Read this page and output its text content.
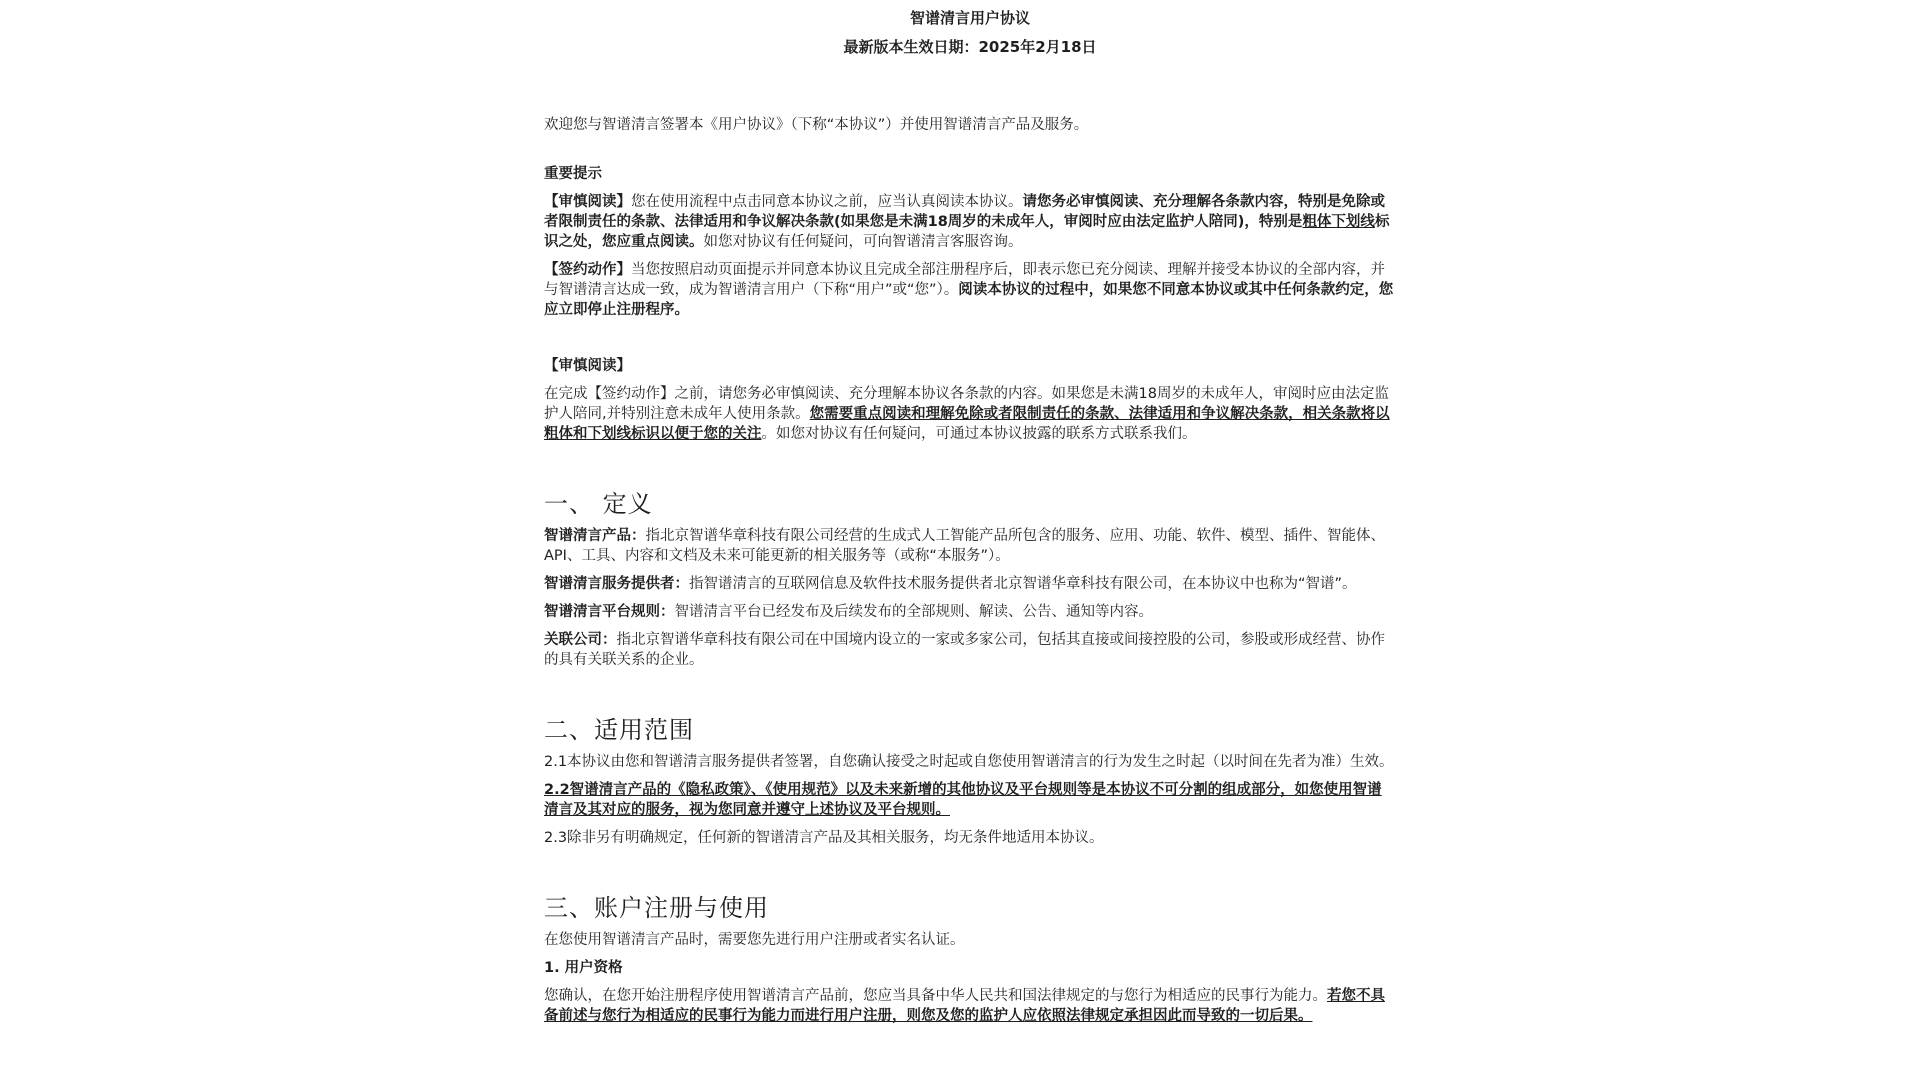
智谱清言用户协议
最新版本生效日期：2025年2月18日

欢迎您与智谱清言签署本《用户协议》（下称“本协议”）并使用智谱清言产品及服务。

重要提示

【审慎阅读】您在使用流程中点击同意本协议之前，应当认真阅读本协议。请您务必审慎阅读、充分理解各条款内容，特别是免除或者限制责任的条款、法律适用和争议解决条款(如果您是未满18周岁的未成年人，审阅时应由法定监护人陪同)，特别是粗体下划线标识之处，您应重点阅读。如您对协议有任何疑问，可向智谱清言客服咨询。

【签约动作】当您按照启动页面提示并同意本协议且完成全部注册程序后，即表示您已充分阅读、理解并接受本协议的全部内容，并与智谱清言达成一致，成为智谱清言用户（下称“用户”或“您”）。阅读本协议的过程中，如果您不同意本协议或其中任何条款约定，您应立即停止注册程序。

【审慎阅读】

在完成【签约动作】之前，请您务必审慎阅读、充分理解本协议各条款的内容。如果您是未满18周岁的未成年人，审阅时应由法定监护人陪同,并特别注意未成年人使用条款。您需要重点阅读和理解免除或者限制责任的条款、法律适用和争议解决条款，相关条款将以粗体和下划线标识以便于您的关注。如您对协议有任何疑问，可通过本协议披露的联系方式联系我们。

一、 定义

智谱清言产品：指北京智谱华章科技有限公司经营的生成式人工智能产品所包含的服务、应用、功能、软件、模型、插件、智能体、API、工具、内容和文档及未来可能更新的相关服务等（或称“本服务”）。

智谱清言服务提供者：指智谱清言的互联网信息及软件技术服务提供者北京智谱华章科技有限公司，在本协议中也称为“智谱”。

智谱清言平台规则：智谱清言平台已经发布及后续发布的全部规则、解读、公告、通知等内容。

关联公司：指北京智谱华章科技有限公司在中国境内设立的一家或多家公司，包括其直接或间接控股的公司，参股或形成经营、协作的具有关联关系的企业。

二、适用范围

2.1本协议由您和智谱清言服务提供者签署，自您确认接受之时起或自您使用智谱清言的行为发生之时起（以时间在先者为准）生效。

2.2智谱清言产品的《隐私政策》、《使用规范》以及未来新增的其他协议及平台规则等是本协议不可分割的组成部分，如您使用智谱清言及其对应的服务，视为您同意并遵守上述协议及平台规则。

2.3除非另有明确规定，任何新的智谱清言产品及其相关服务，均无条件地适用本协议。

三、账户注册与使用

在您使用智谱清言产品时，需要您先进行用户注册或者实名认证。

1. 用户资格

您确认，在您开始注册程序使用智谱清言产品前，您应当具备中华人民共和国法律规定的与您行为相适应的民事行为能力。若您不具备前述与您行为相适应的民事行为能力而进行用户注册，则您及您的监护人应依照法律规定承担因此而导致的一切后果。
